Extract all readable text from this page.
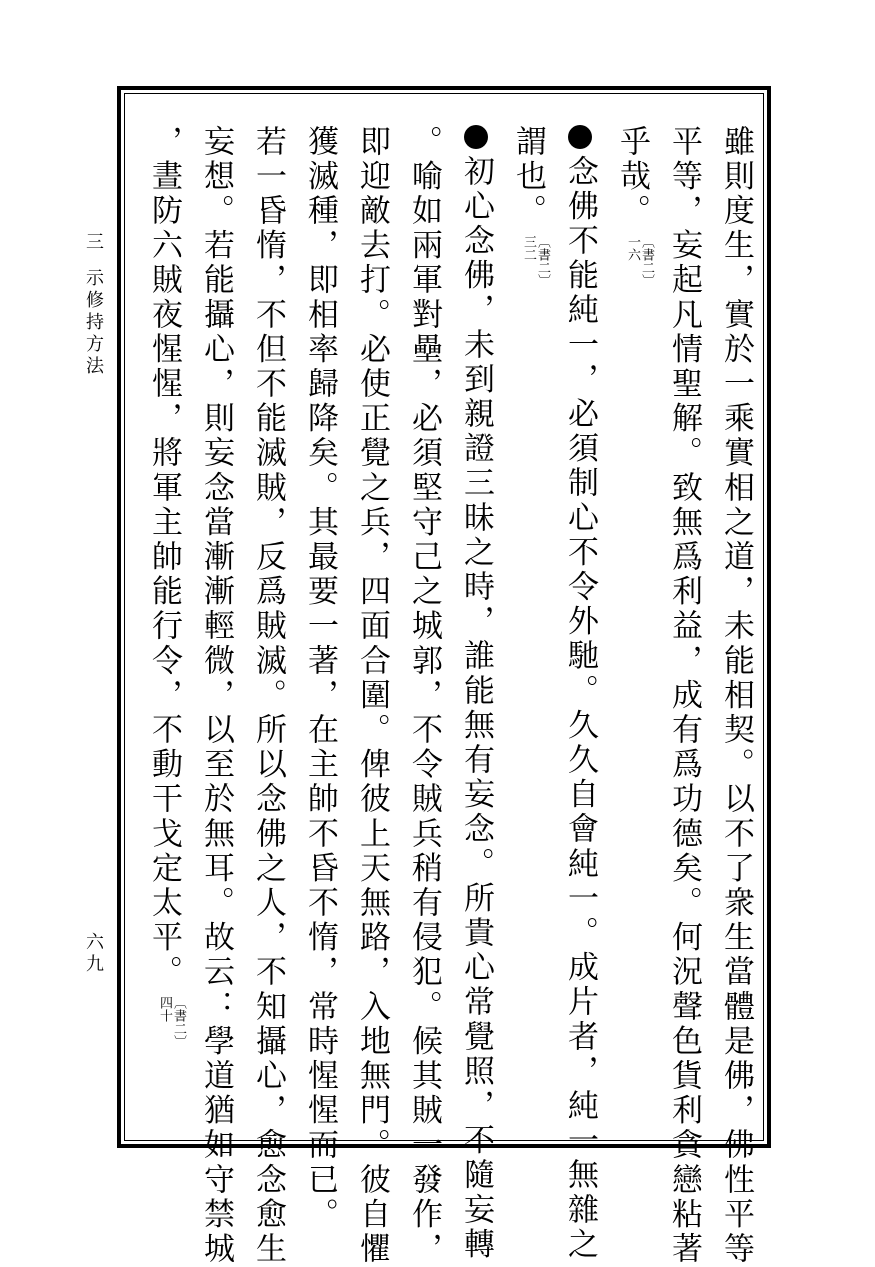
三示修持方法
六九	雖則度生，實於一乘實相之道，未能相契。以不了衆生當體是佛，佛性平等
平等，妄起凡情聖解。致無爲利益，成有爲功德矣。何況聲色貨利貪戀粘著
乎哉。〔書二〕一六
念佛不能純一，必須制心不令外馳。久久自會純一。成片者，純一無雜之
謂也。〔書二〕三二
初心念佛，未到親證三昧之時，誰能無有妄念。所貴心常覺照，不隨妄轉
。喻如兩軍對壘，必須堅守己之城郭，不令賊兵稍有侵犯。候其賊一發作，
即迎敵去打。必使正覺之兵，四面合圍。俾彼上天無路，入地無門。彼自懼
獲滅種，即相率歸降矣。其最要一著，在主帥不昏不惰，常時惺惺而已。
若一昏惰，不但不能滅賊，反爲賊滅。所以念佛之人，不知攝心，愈念愈生
妄想。若能攝心，則妄念當漸漸輕微，以至於無耳。故云：學道猶如守禁城
，晝防六賊夜惺惺，將軍主帥能行令，不動干戈定太平。〔書二〕四十
